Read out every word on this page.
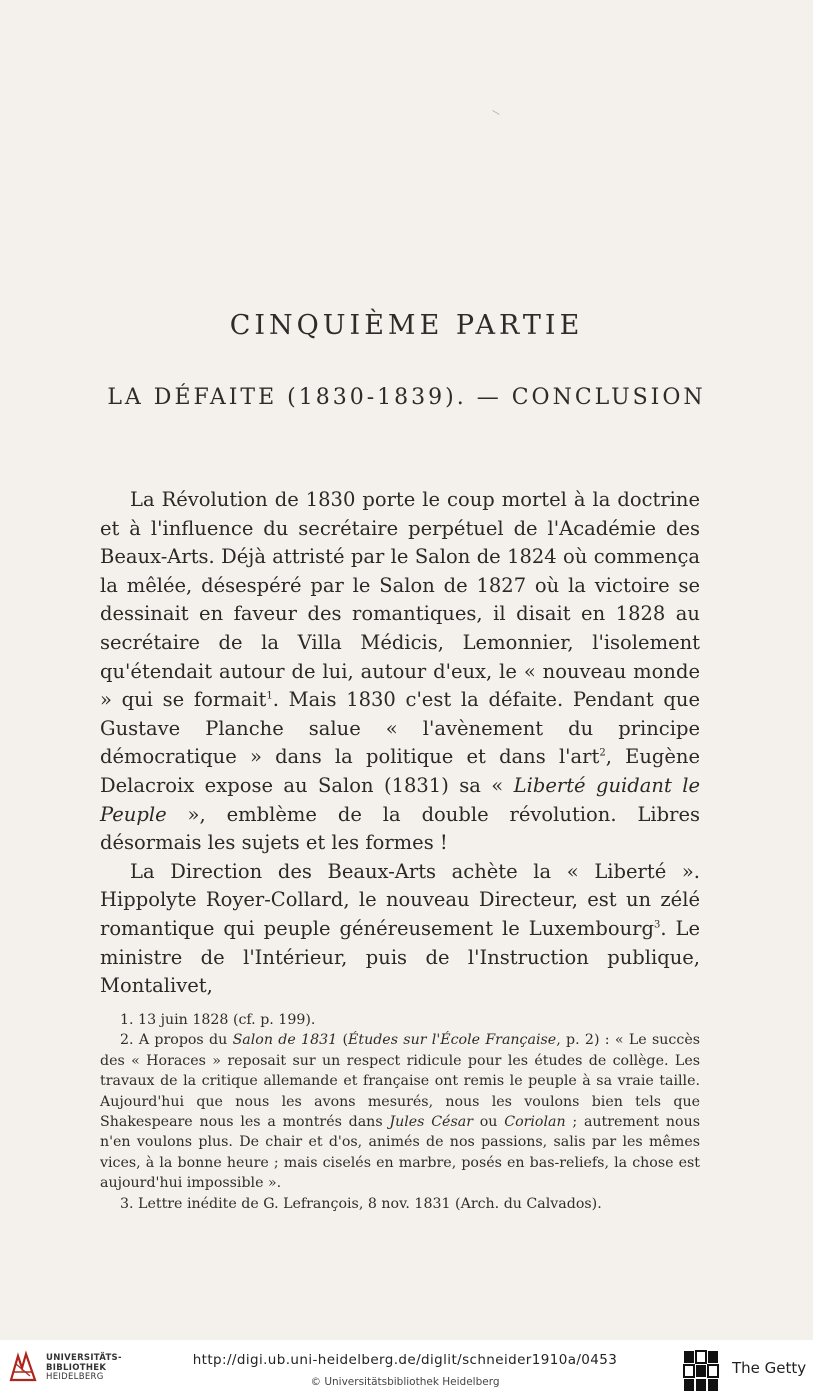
CINQUIÈME PARTIE
LA DÉFAITE (1830-1839). — CONCLUSION

La Révolution de 1830 porte le coup mortel à la doctrine et à l'influence du secrétaire perpétuel de l'Académie des Beaux-Arts. Déjà attristé par le Salon de 1824 où commença la mêlée, désespéré par le Salon de 1827 où la victoire se dessinait en faveur des romantiques, il disait en 1828 au secrétaire de la Villa Médicis, Lemonnier, l'isolement qu'étendait autour de lui, autour d'eux, le « nouveau monde » qui se formait$^1$. Mais 1830 c'est la défaite. Pendant que Gustave Planche salue « l'avènement du principe démocratique » dans la politique et dans l'art$^2$, Eugène Delacroix expose au Salon (1831) sa « Liberté guidant le Peuple », emblème de la double révolution. Libres désormais les sujets et les formes !

La Direction des Beaux-Arts achète la « Liberté ». Hippolyte Royer-Collard, le nouveau Directeur, est un zélé romantique qui peuple généreusement le Luxembourg$^3$. Le ministre de l'Intérieur, puis de l'Instruction publique, Montalivet,

1. 13 juin 1828 (cf. p. 199).

2. A propos du Salon de 1831 (Études sur l'École Française, p. 2) : « Le succès des « Horaces » reposait sur un respect ridicule pour les études de collège. Les travaux de la critique allemande et française ont remis le peuple à sa vraie taille. Aujourd'hui que nous les avons mesurés, nous les voulons bien tels que Shakespeare nous les a montrés dans Jules César ou Coriolan ; autrement nous n'en voulons plus. De chair et d'os, animés de nos passions, salis par les mêmes vices, à la bonne heure ; mais ciselés en marbre, posés en bas-reliefs, la chose est aujourd'hui impossible ».

3. Lettre inédite de G. Lefrançois, 8 nov. 1831 (Arch. du Calvados).

UNIVERSITÄTS-
BIBLIOTHEK
HEIDELBERG
http://digi.ub.uni-heidelberg.de/diglit/schneider1910a/0453
© Universitätsbibliothek Heidelberg
The Getty
